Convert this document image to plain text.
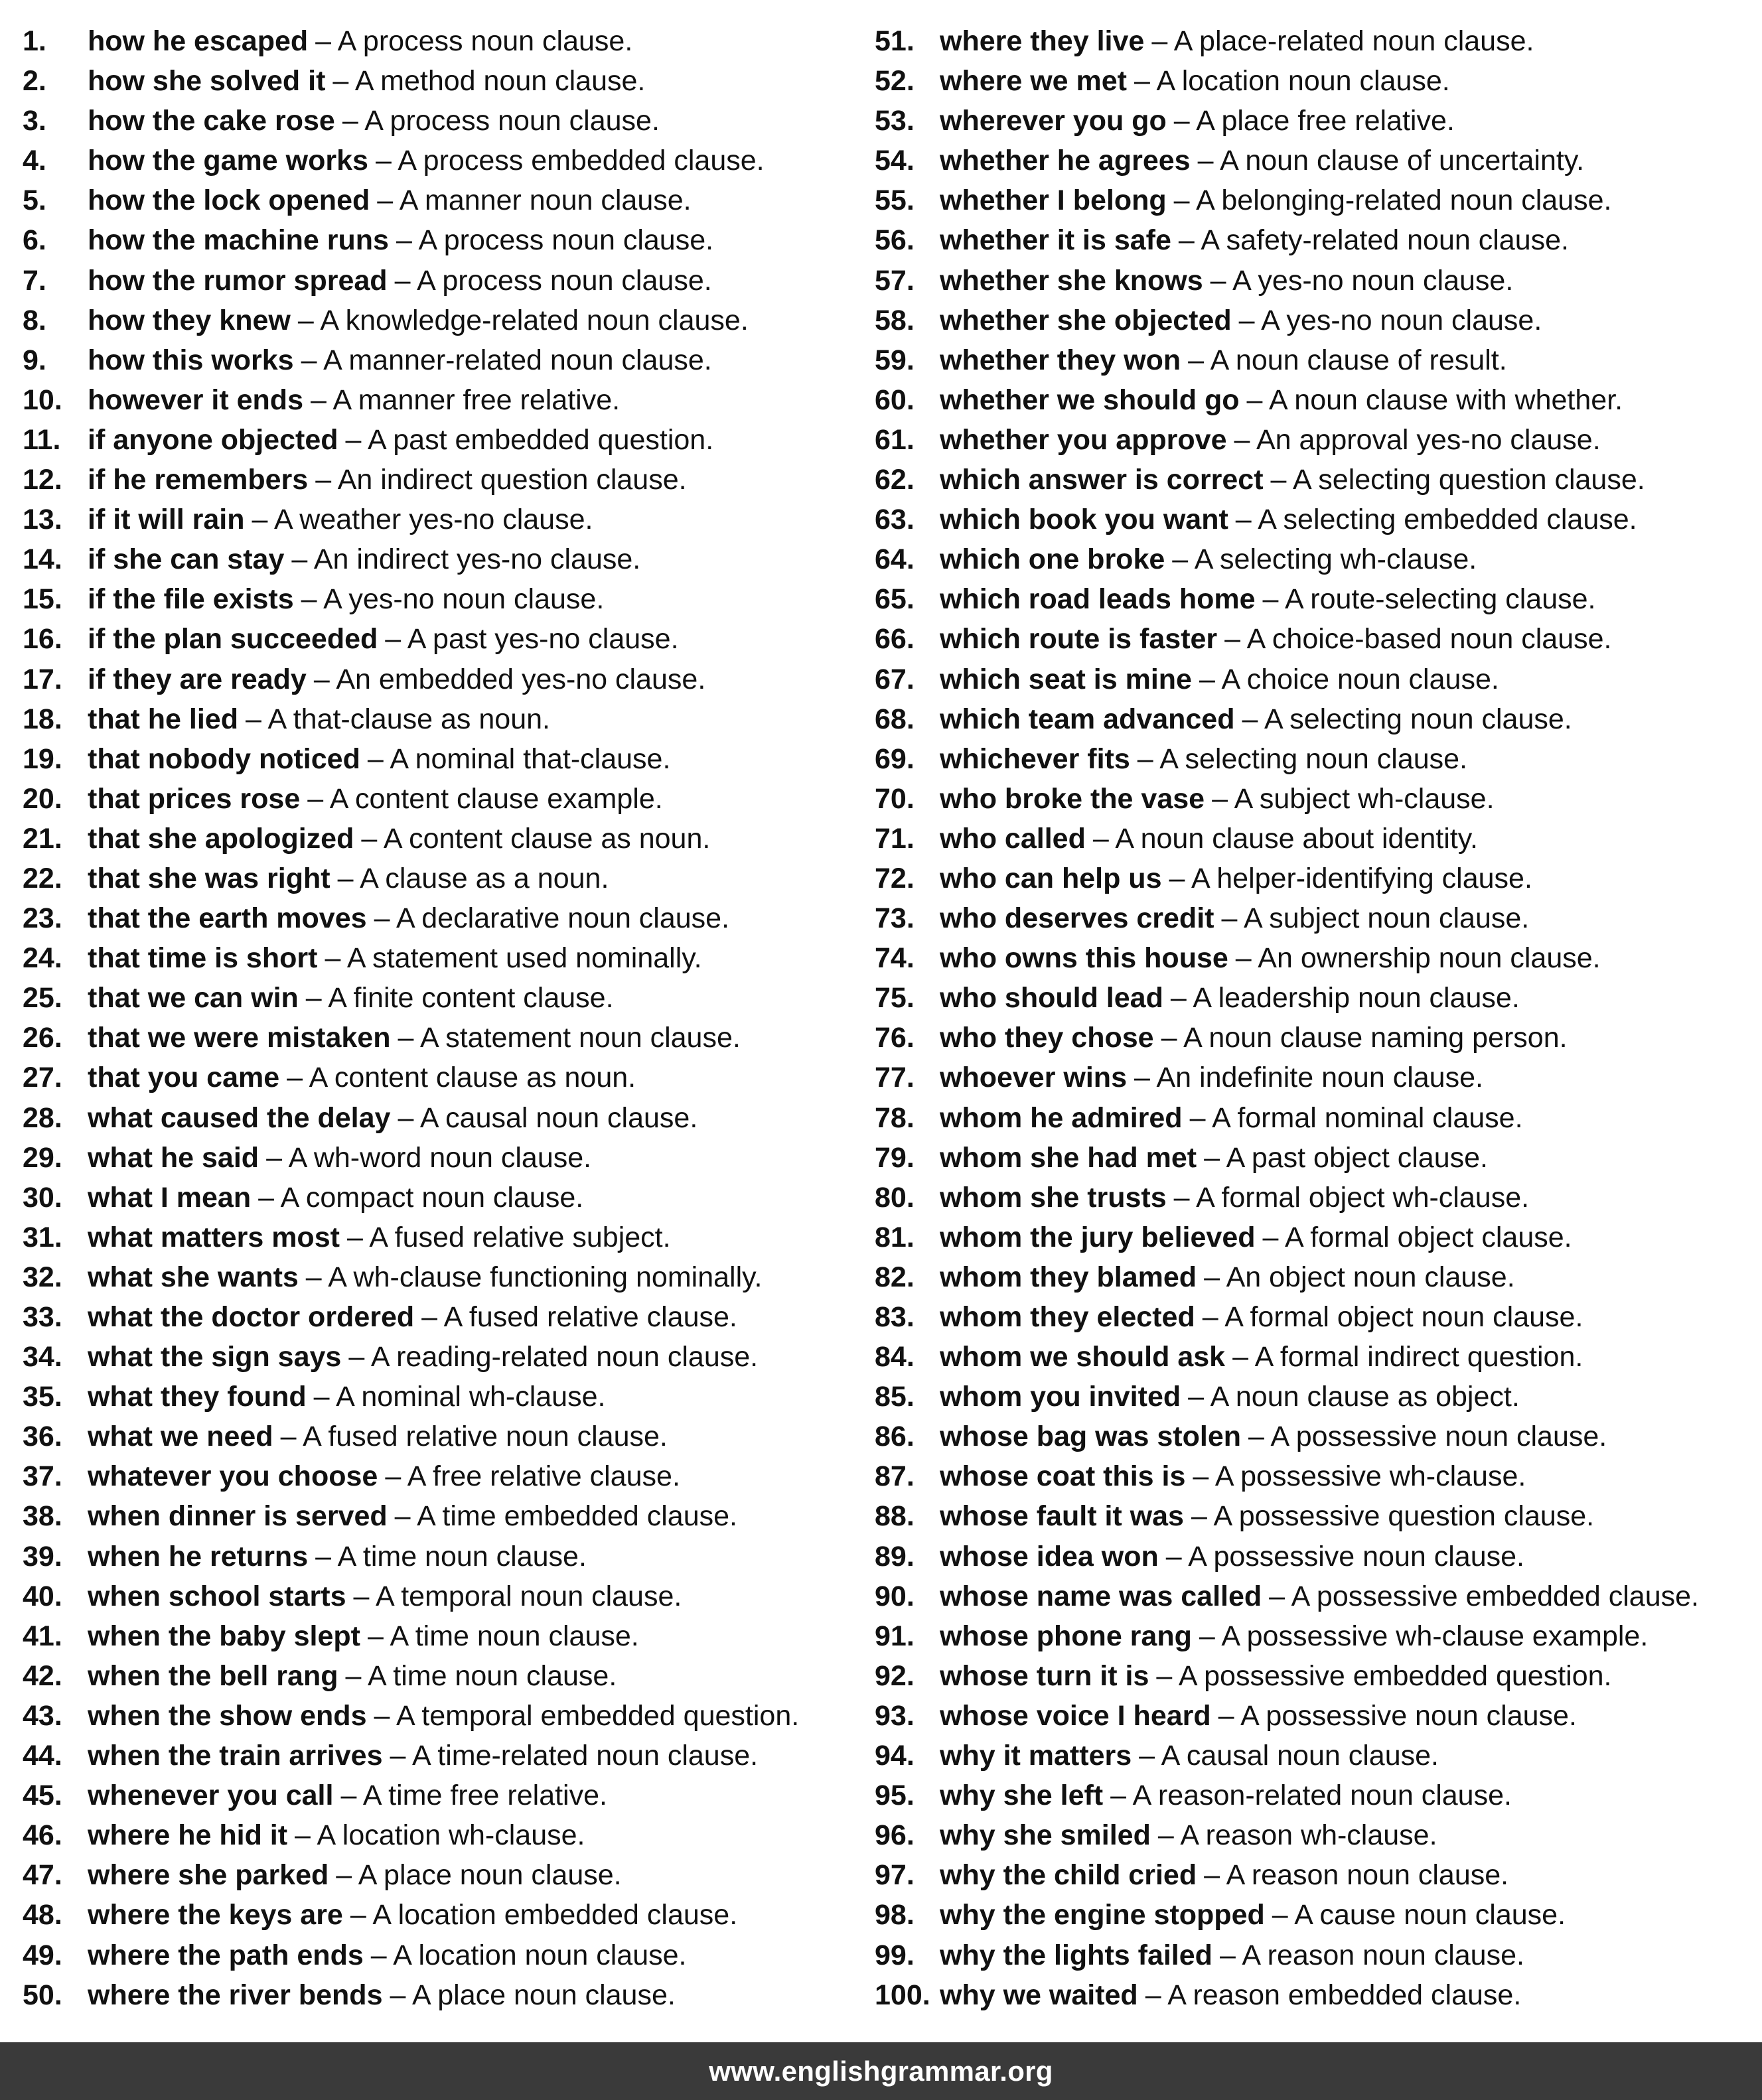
1.	how he escaped – A process noun clause.
2.	how she solved it – A method noun clause.
3.	how the cake rose – A process noun clause.
4.	how the game works – A process embedded clause.
5.	how the lock opened – A manner noun clause.
6.	how the machine runs – A process noun clause.
7.	how the rumor spread – A process noun clause.
8.	how they knew – A knowledge-related noun clause.
9.	how this works – A manner-related noun clause.
10. however it ends – A manner free relative.
11. if anyone objected – A past embedded question.
12. if he remembers – An indirect question clause.
13. if it will rain – A weather yes-no clause.
14. if she can stay – An indirect yes-no clause.
15. if the file exists – A yes-no noun clause.
16. if the plan succeeded – A past yes-no clause.
17. if they are ready – An embedded yes-no clause.
18. that he lied – A that-clause as noun.
19. that nobody noticed – A nominal that-clause.
20. that prices rose – A content clause example.
21. that she apologized – A content clause as noun.
22. that she was right – A clause as a noun.
23. that the earth moves – A declarative noun clause.
24. that time is short – A statement used nominally.
25. that we can win – A finite content clause.
26. that we were mistaken – A statement noun clause.
27. that you came – A content clause as noun.
28. what caused the delay – A causal noun clause.
29. what he said – A wh-word noun clause.
30. what I mean – A compact noun clause.
31. what matters most – A fused relative subject.
32. what she wants – A wh-clause functioning nominally.
33. what the doctor ordered – A fused relative clause.
34. what the sign says – A reading-related noun clause.
35. what they found – A nominal wh-clause.
36. what we need – A fused relative noun clause.
37. whatever you choose – A free relative clause.
38. when dinner is served – A time embedded clause.
39. when he returns – A time noun clause.
40. when school starts – A temporal noun clause.
41. when the baby slept – A time noun clause.
42. when the bell rang – A time noun clause.
43. when the show ends – A temporal embedded question.
44. when the train arrives – A time-related noun clause.
45. whenever you call – A time free relative.
46. where he hid it – A location wh-clause.
47. where she parked – A place noun clause.
48. where the keys are – A location embedded clause.
49. where the path ends – A location noun clause.
50. where the river bends – A place noun clause.
51. where they live – A place-related noun clause.
52. where we met – A location noun clause.
53. wherever you go – A place free relative.
54. whether he agrees – A noun clause of uncertainty.
55. whether I belong – A belonging-related noun clause.
56. whether it is safe – A safety-related noun clause.
57. whether she knows – A yes-no noun clause.
58. whether she objected – A yes-no noun clause.
59. whether they won – A noun clause of result.
60. whether we should go – A noun clause with whether.
61. whether you approve – An approval yes-no clause.
62. which answer is correct – A selecting question clause.
63. which book you want – A selecting embedded clause.
64. which one broke – A selecting wh-clause.
65. which road leads home – A route-selecting clause.
66. which route is faster – A choice-based noun clause.
67. which seat is mine – A choice noun clause.
68. which team advanced – A selecting noun clause.
69. whichever fits – A selecting noun clause.
70. who broke the vase – A subject wh-clause.
71. who called – A noun clause about identity.
72. who can help us – A helper-identifying clause.
73. who deserves credit – A subject noun clause.
74. who owns this house – An ownership noun clause.
75. who should lead – A leadership noun clause.
76. who they chose – A noun clause naming person.
77. whoever wins – An indefinite noun clause.
78. whom he admired – A formal nominal clause.
79. whom she had met – A past object clause.
80. whom she trusts – A formal object wh-clause.
81. whom the jury believed – A formal object clause.
82. whom they blamed – An object noun clause.
83. whom they elected – A formal object noun clause.
84. whom we should ask – A formal indirect question.
85. whom you invited – A noun clause as object.
86. whose bag was stolen – A possessive noun clause.
87. whose coat this is – A possessive wh-clause.
88. whose fault it was – A possessive question clause.
89. whose idea won – A possessive noun clause.
90. whose name was called – A possessive embedded clause.
91. whose phone rang – A possessive wh-clause example.
92. whose turn it is – A possessive embedded question.
93. whose voice I heard – A possessive noun clause.
94. why it matters – A causal noun clause.
95. why she left – A reason-related noun clause.
96. why she smiled – A reason wh-clause.
97. why the child cried – A reason noun clause.
98. why the engine stopped – A cause noun clause.
99. why the lights failed – A reason noun clause.
100. why we waited – A reason embedded clause.
www.englishgrammar.org
